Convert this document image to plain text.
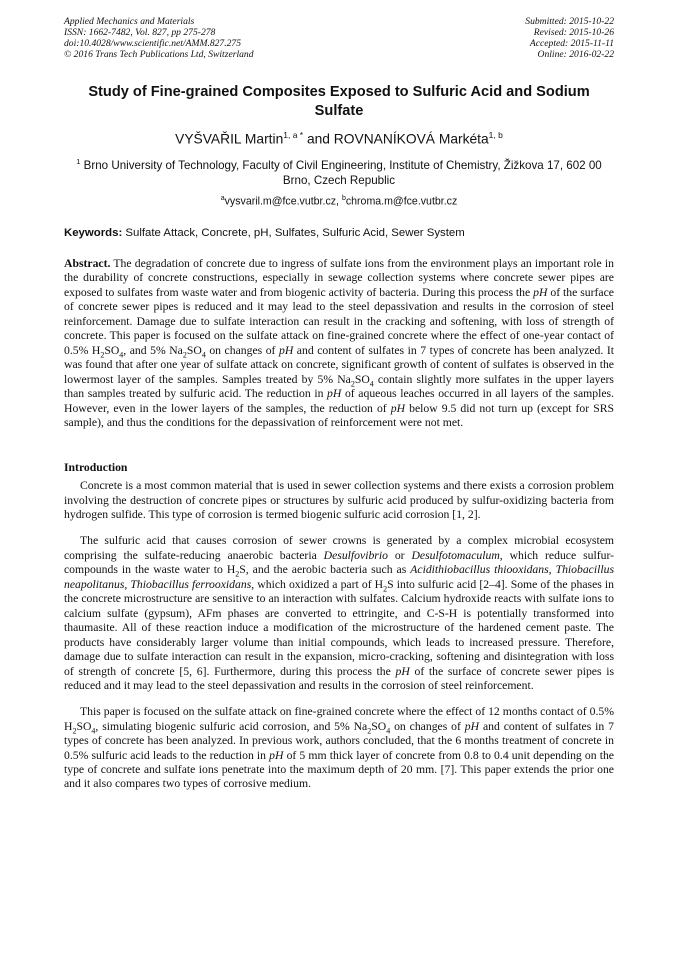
Applied Mechanics and Materials
ISSN: 1662-7482, Vol. 827, pp 275-278
doi:10.4028/www.scientific.net/AMM.827.275
© 2016 Trans Tech Publications Ltd, Switzerland
Submitted: 2015-10-22
Revised: 2015-10-26
Accepted: 2015-11-11
Online: 2016-02-22
Study of Fine-grained Composites Exposed to Sulfuric Acid and Sodium Sulfate
VYŠVAŘIL Martin$^{1, a *}$ and ROVNANÍKOVÁ Markéta$^{1, b}$
$^1$ Brno University of Technology, Faculty of Civil Engineering, Institute of Chemistry, Žižkova 17, 602 00 Brno, Czech Republic
$^a$vysvaril.m@fce.vutbr.cz, $^b$chroma.m@fce.vutbr.cz
Keywords: Sulfate Attack, Concrete, pH, Sulfates, Sulfuric Acid, Sewer System

Abstract. The degradation of concrete due to ingress of sulfate ions from the environment plays an important role in the durability of concrete constructions, especially in sewage collection systems where concrete sewer pipes are exposed to sulfates from waste water and from biogenic activity of bacteria. During this process the pH of the surface of concrete sewer pipes is reduced and it may lead to the steel depassivation and results in the corrosion of steel reinforcement. Damage due to sulfate interaction can result in the cracking and softening, with loss of strength of concrete. This paper is focused on the sulfate attack on fine-grained concrete where the effect of one-year contact of 0.5% $H_2SO_4$, and 5% $Na_2SO_4$ on changes of pH and content of sulfates in 7 types of concrete has been analyzed. It was found that after one year of sulfate attack on concrete, significant growth of content of sulfates is observed in the lowermost layer of the samples. Samples treated by 5% $Na_2SO_4$ contain slightly more sulfates in the upper layers than samples treated by sulfuric acid. The reduction in pH of aqueous leaches occurred in all layers of the samples. However, even in the lower layers of the samples, the reduction of pH below 9.5 did not turn up (except for SRS sample), and thus the conditions for the depassivation of reinforcement were not met.

Introduction

Concrete is a most common material that is used in sewer collection systems and there exists a corrosion problem involving the destruction of concrete pipes or structures by sulfuric acid produced by sulfur-oxidizing bacteria from hydrogen sulfide. This type of corrosion is termed biogenic sulfuric acid corrosion [1, 2].

The sulfuric acid that causes corrosion of sewer crowns is generated by a complex microbial ecosystem comprising the sulfate-reducing anaerobic bacteria Desulfovibrio or Desulfotomaculum, which reduce sulfur-compounds in the waste water to $H_2S$, and the aerobic bacteria such as Acidithiobacillus thiooxidans, Thiobacillus neapolitanus, Thiobacillus ferrooxidans, which oxidized a part of $H_2S$ into sulfuric acid [2–4]. Some of the phases in the concrete microstructure are sensitive to an interaction with sulfates. Calcium hydroxide reacts with sulfate ions to calcium sulfate (gypsum), AFm phases are converted to ettringite, and C-S-H is potentially transformed into thaumasite. All of these reaction induce a modification of the microstructure of the hardened cement paste. The products have considerably larger volume than initial compounds, which leads to increased pressure. Therefore, damage due to sulfate interaction can result in the expansion, micro-cracking, softening and disintegration with loss of strength of concrete [5, 6]. Furthermore, during this process the pH of the surface of concrete sewer pipes is reduced and it may lead to the steel depassivation and results in the corrosion of steel reinforcement.

This paper is focused on the sulfate attack on fine-grained concrete where the effect of 12 months contact of 0.5% $H_2SO_4$, simulating biogenic sulfuric acid corrosion, and 5% $Na_2SO_4$ on changes of pH and content of sulfates in 7 types of concrete has been analyzed. In previous work, authors concluded, that the 6 months treatment of concrete in 0.5% sulfuric acid leads to the reduction in pH of 5 mm thick layer of concrete from 0.8 to 0.4 unit depending on the type of concrete and sulfate ions penetrate into the maximum depth of 20 mm. [7]. This paper extends the prior one and it also compares two types of corrosive medium.
